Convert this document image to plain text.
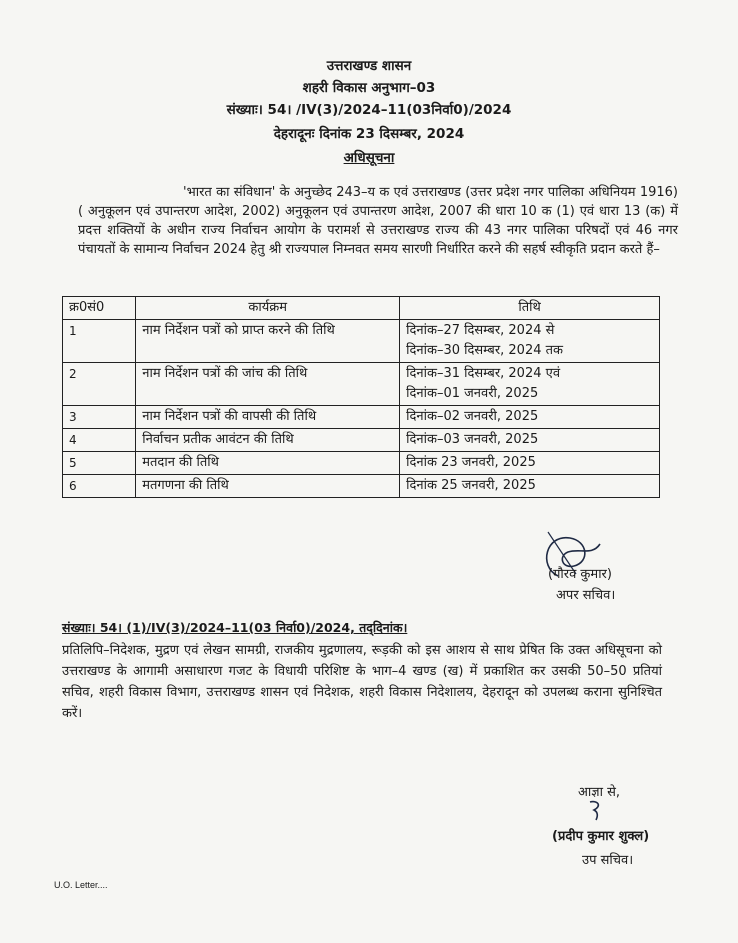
उत्तराखण्ड शासन
शहरी विकास अनुभाग–03
संख्याः। 54। /IV(3)/2024–11(03निर्वा0)/2024
देहरादूनः दिनांक 23 दिसम्बर, 2024
अधिसूचना

'भारत का संविधान' के अनुच्छेद 243–य क एवं उत्तराखण्ड (उत्तर प्रदेश नगर पालिका अधिनियम 1916)( अनुकूलन एवं उपान्तरण आदेश, 2002) अनुकूलन एवं उपान्तरण आदेश, 2007 की धारा 10 क (1) एवं धारा 13 (क) में प्रदत्त शक्तियों के अधीन राज्य निर्वाचन आयोग के परामर्श से उत्तराखण्ड राज्य की 43 नगर पालिका परिषदों एवं 46 नगर पंचायतों के सामान्य निर्वाचन 2024 हेतु श्री राज्यपाल निम्नवत समय सारणी निर्धारित करने की सहर्ष स्वीकृति प्रदान करते हैं–

क्र0सं0	कार्यक्रम	तिथि
1	नाम निर्देशन पत्रों को प्राप्त करने की तिथि	दिनांक–27 दिसम्बर, 2024 से
दिनांक–30 दिसम्बर, 2024 तक

2	नाम निर्देशन पत्रों की जांच की तिथि	दिनांक–31 दिसम्बर, 2024 एवं
दिनांक–01 जनवरी, 2025

3	नाम निर्देशन पत्रों की वापसी की तिथि	दिनांक–02 जनवरी, 2025
4	निर्वाचन प्रतीक आवंटन की तिथि	दिनांक–03 जनवरी, 2025
5	मतदान की तिथि	दिनांक 23 जनवरी, 2025
6	मतगणना की तिथि	दिनांक 25 जनवरी, 2025
(गौरव कुमार)
अपर सचिव।
संख्याः। 54। (1)/IV(3)/2024–11(03 निर्वा0)/2024, तद्‌दिनांक।

प्रतिलिपि–निदेशक, मुद्रण एवं लेखन सामग्री, राजकीय मुद्रणालय, रूड़की को इस आशय से साथ प्रेषित कि उक्त अधिसूचना को उत्तराखण्ड के आगामी असाधारण गजट के विधायी परिशिष्ट के भाग–4 खण्ड (ख) में प्रकाशित कर उसकी 50–50 प्रतियां सचिव, शहरी विकास विभाग, उत्तराखण्ड शासन एवं निदेशक, शहरी विकास निदेशालय, देहरादून को उपलब्ध कराना सुनिश्चित करें।

आज्ञा से,
(प्रदीप कुमार शुक्ल)
उप सचिव।
U.O. Letter....
